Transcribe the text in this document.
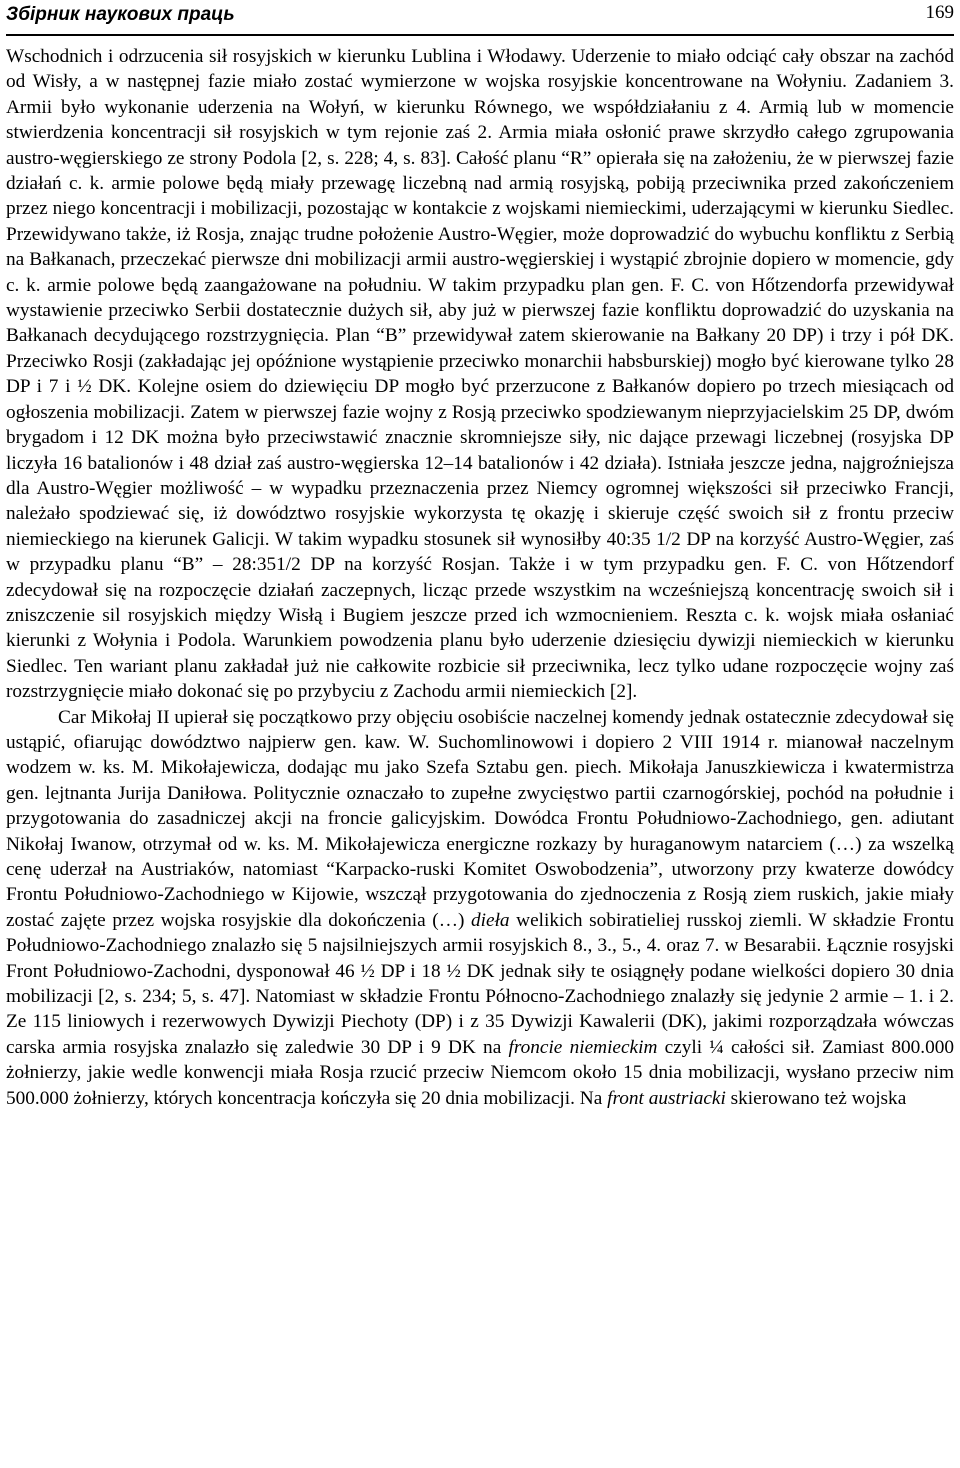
Збірник наукових праць	169

Wschodnich i odrzucenia sił rosyjskich w kierunku Lublina i Włodawy. Uderzenie to miało odciąć cały obszar na zachód od Wisły, a w następnej fazie miało zostać wymierzone w wojska rosyjskie koncentrowane na Wołyniu. Zadaniem 3. Armii było wykonanie uderzenia na Wołyń, w kierunku Równego, we współdziałaniu z 4. Armią lub w momencie stwierdzenia koncentracji sił rosyjskich w tym rejonie zaś 2. Armia miała osłonić prawe skrzydło całego zgrupowania austro-węgierskiego ze strony Podola [2, s. 228; 4, s. 83]. Całość planu “R” opierała się na założeniu, że w pierwszej fazie działań c. k. armie polowe będą miały przewagę liczebną nad armią rosyjską, pobiją przeciwnika przed zakończeniem przez niego koncentracji i mobilizacji, pozostając w kontakcie z wojskami niemieckimi, uderzającymi w kierunku Siedlec. Przewidywano także, iż Rosja, znając trudne położenie Austro-Węgier, może doprowadzić do wybuchu konfliktu z Serbią na Bałkanach, przeczekać pierwsze dni mobilizacji armii austro-węgierskiej i wystąpić zbrojnie dopiero w momencie, gdy c. k. armie polowe będą zaangażowane na południu. W takim przypadku plan gen. F. C. von Hőtzendorfa przewidywał wystawienie przeciwko Serbii dostatecznie dużych sił, aby już w pierwszej fazie konfliktu doprowadzić do uzyskania na Bałkanach decydującego rozstrzygnięcia. Plan “B” przewidywał zatem skierowanie na Bałkany 20 DP) i trzy i pół DK. Przeciwko Rosji (zakładając jej opóźnione wystąpienie przeciwko monarchii habsburskiej) mogło być kierowane tylko 28 DP i 7 i ½ DK. Kolejne osiem do dziewięciu DP mogło być przerzucone z Bałkanów dopiero po trzech miesiącach od ogłoszenia mobilizacji. Zatem w pierwszej fazie wojny z Rosją przeciwko spodziewanym nieprzyjacielskim 25 DP, dwóm brygadom i 12 DK można było przeciwstawić znacznie skromniejsze siły, nic dające przewagi liczebnej (rosyjska DP liczyła 16 batalionów i 48 dział zaś austro-węgierska 12–14 batalionów i 42 działa). Istniała jeszcze jedna, najgroźniejsza dla Austro-Węgier możliwość – w wypadku przeznaczenia przez Niemcy ogromnej większości sił przeciwko Francji, należało spodziewać się, iż dowództwo rosyjskie wykorzysta tę okazję i skieruje część swoich sił z frontu przeciw niemieckiego na kierunek Galicji. W takim wypadku stosunek sił wynosiłby 40:35 1/2 DP na korzyść Austro-Węgier, zaś w przypadku planu “B” – 28:351/2 DP na korzyść Rosjan. Także i w tym przypadku gen. F. C. von Hőtzendorf zdecydował się na rozpoczęcie działań zaczepnych, licząc przede wszystkim na wcześniejszą koncentrację swoich sił i zniszczenie sil rosyjskich między Wisłą i Bugiem jeszcze przed ich wzmocnieniem. Reszta c. k. wojsk miała osłaniać kierunki z Wołynia i Podola. Warunkiem powodzenia planu było uderzenie dziesięciu dywizji niemieckich w kierunku Siedlec. Ten wariant planu zakładał już nie całkowite rozbicie sił przeciwnika, lecz tylko udane rozpoczęcie wojny zaś rozstrzygnięcie miało dokonać się po przybyciu z Zachodu armii niemieckich [2].

Car Mikołaj II upierał się początkowo przy objęciu osobiście naczelnej komendy jednak ostatecznie zdecydował się ustąpić, ofiarując dowództwo najpierw gen. kaw. W. Suchomlinowowi i dopiero 2 VIII 1914 r. mianował naczelnym wodzem w. ks. M. Mikołajewicza, dodając mu jako Szefa Sztabu gen. piech. Mikołaja Januszkiewicza i kwatermistrza gen. lejtnanta Jurija Daniłowa. Politycznie oznaczało to zupełne zwycięstwo partii czarnogórskiej, pochód na południe i przygotowania do zasadniczej akcji na froncie galicyjskim. Dowódca Frontu Południowo-Zachodniego, gen. adiutant Nikołaj Iwanow, otrzymał od w. ks. M. Mikołajewicza energiczne rozkazy by huraganowym natarciem (…) za wszelką cenę uderzał na Austriaków, natomiast “Karpacko-ruski Komitet Oswobodzenia”, utworzony przy kwaterze dowódcy Frontu Południowo-Zachodniego w Kijowie, wszczął przygotowania do zjednoczenia z Rosją ziem ruskich, jakie miały zostać zajęte przez wojska rosyjskie dla dokończenia (…) dieła welikich sobiratieliej russkoj ziemli. W składzie Frontu Południowo-Zachodniego znalazło się 5 najsilniejszych armii rosyjskich 8., 3., 5., 4. oraz 7. w Besarabii. Łącznie rosyjski Front Południowo-Zachodni, dysponował 46 ½ DP i 18 ½ DK jednak siły te osiągnęły podane wielkości dopiero 30 dnia mobilizacji [2, s. 234; 5, s. 47]. Natomiast w składzie Frontu Północno-Zachodniego znalazły się jedynie 2 armie – 1. i 2. Ze 115 liniowych i rezerwowych Dywizji Piechoty (DP) i z 35 Dywizji Kawalerii (DK), jakimi rozporządzała wówczas carska armia rosyjska znalazło się zaledwie 30 DP i 9 DK na froncie niemieckim czyli ¼ całości sił. Zamiast 800.000 żołnierzy, jakie wedle konwencji miała Rosja rzucić przeciw Niemcom około 15 dnia mobilizacji, wysłano przeciw nim 500.000 żołnierzy, których koncentracja kończyła się 20 dnia mobilizacji. Na front austriacki skierowano też wojska
